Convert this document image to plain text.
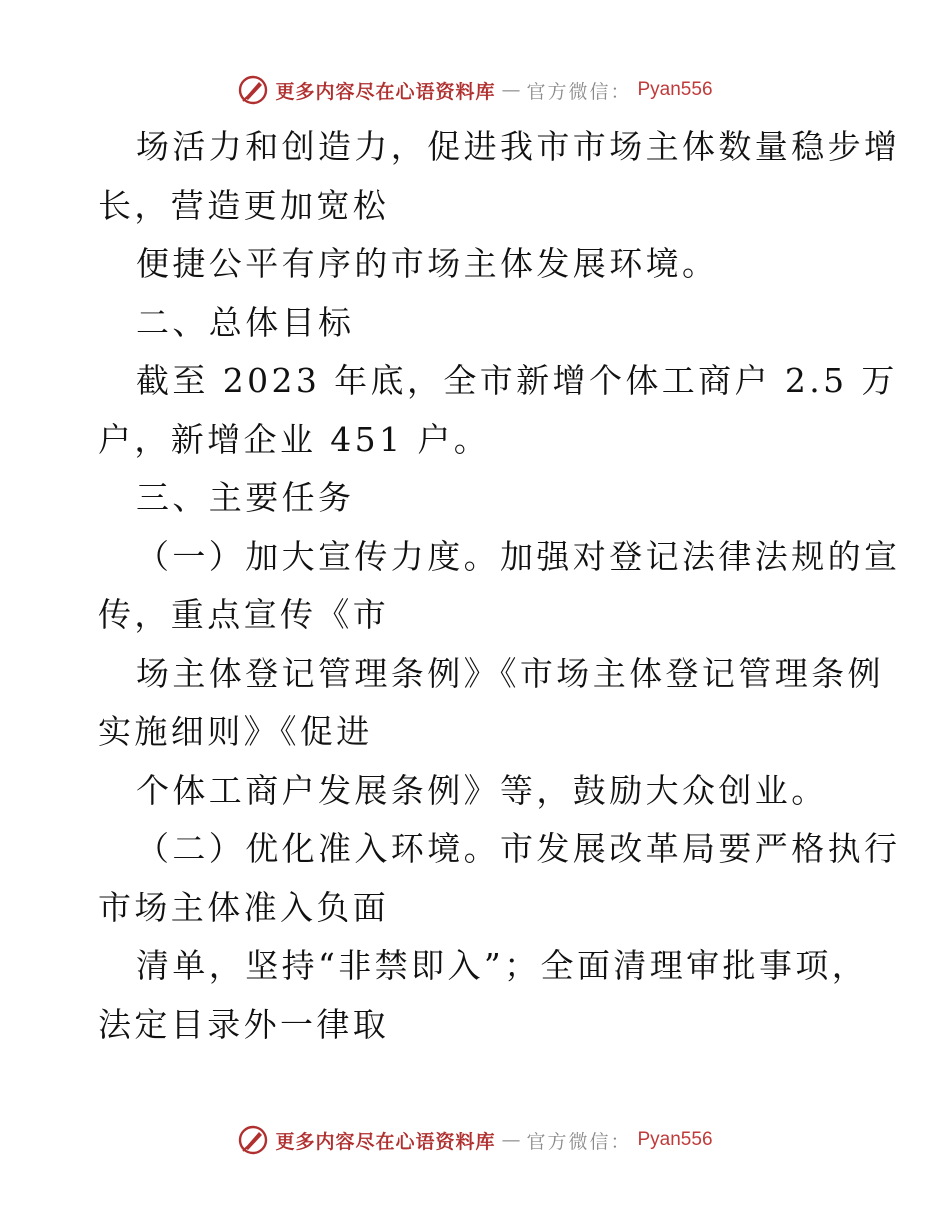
更多内容尽在心语资料库 — 官方微信： Pyan556
场活力和创造力，促进我市市场主体数量稳步增
长，营造更加宽松
便捷公平有序的市场主体发展环境。
二、总体目标
截至 2023 年底，全市新增个体工商户 2.5 万
户，新增企业 451 户。
三、主要任务
（一）加大宣传力度。加强对登记法律法规的宣
传，重点宣传《市
场主体登记管理条例》《市场主体登记管理条例
实施细则》《促进
个体工商户发展条例》等，鼓励大众创业。
（二）优化准入环境。市发展改革局要严格执行
市场主体准入负面
清单，坚持“非禁即入”；全面清理审批事项，
法定目录外一律取
更多内容尽在心语资料库 — 官方微信： Pyan556
